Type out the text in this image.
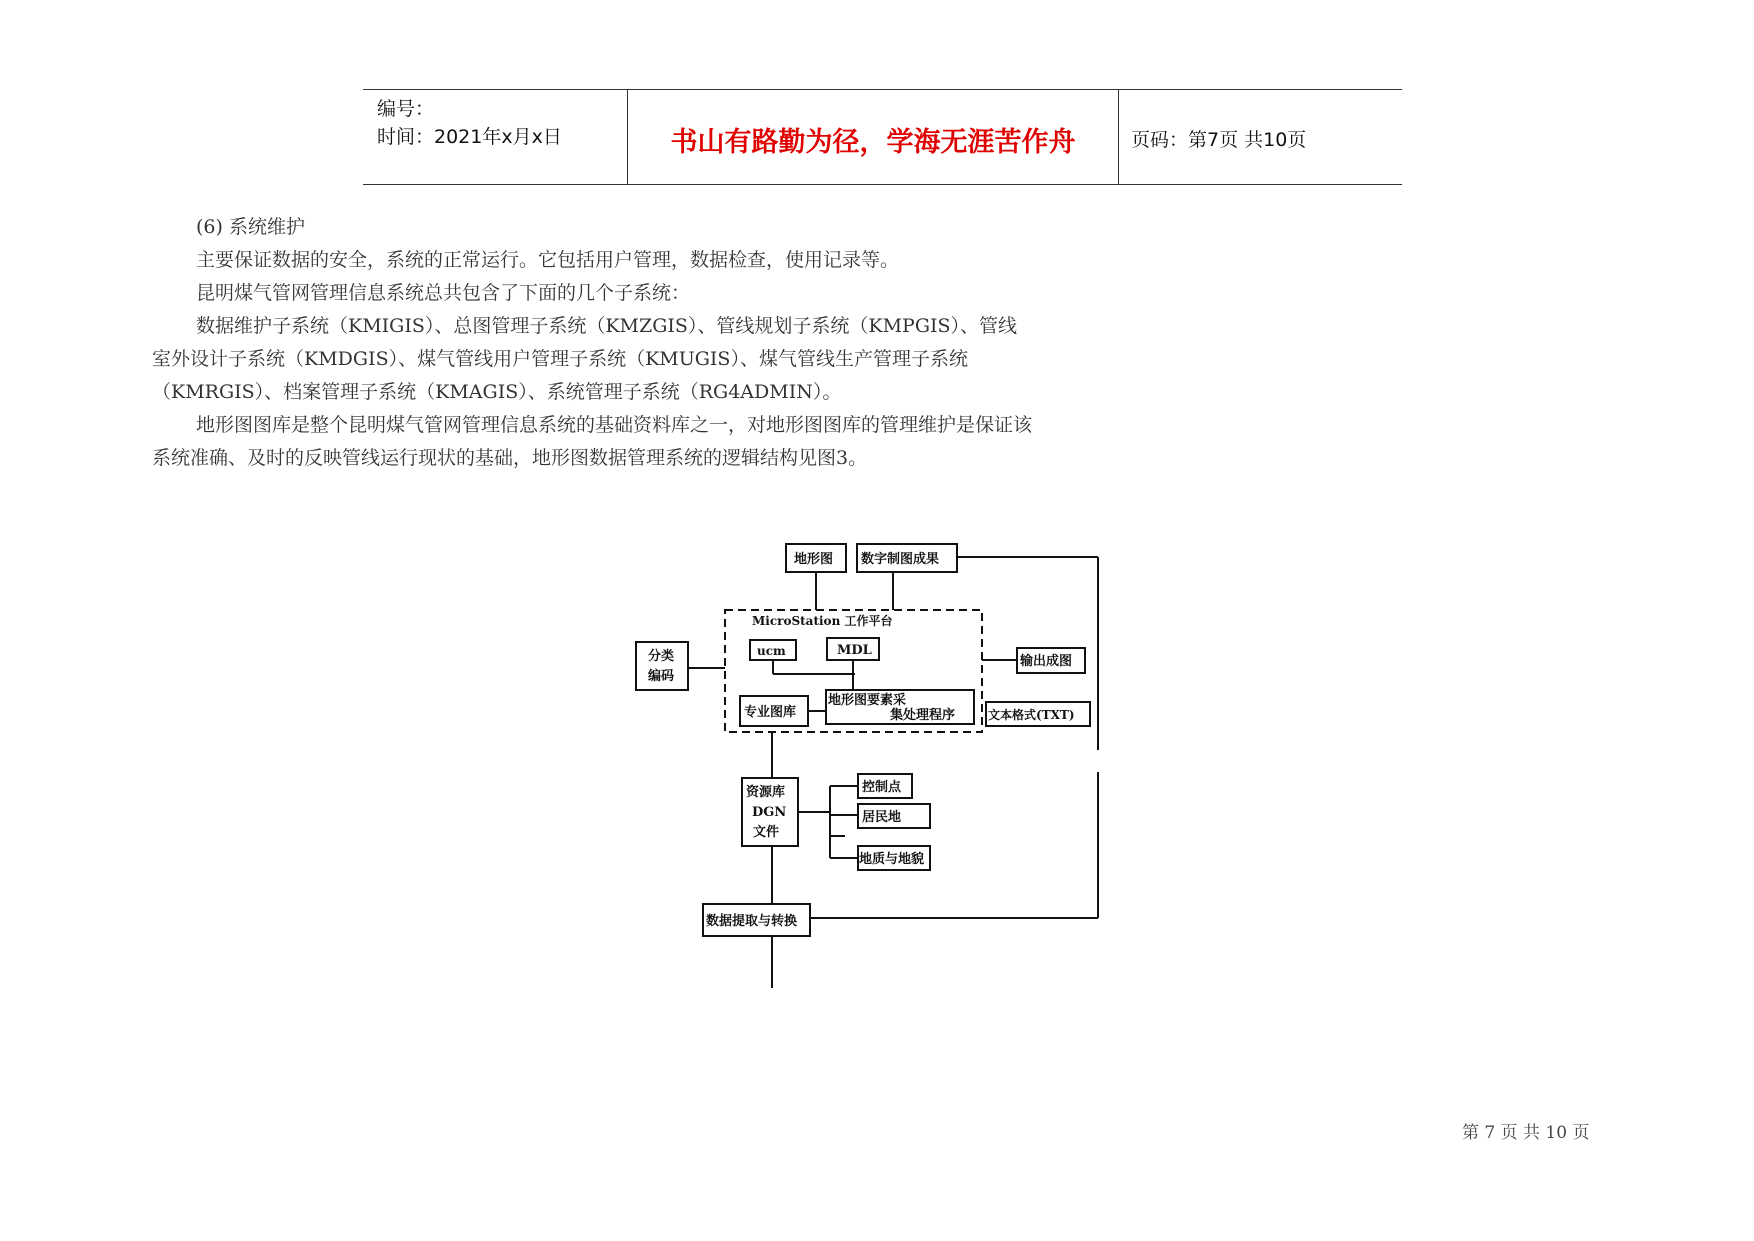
编号：
时间：2021年x月x日	书山有路勤为径，学海无涯苦作舟	页码：第7页 共10页

(6) 系统维护

主要保证数据的安全，系统的正常运行。它包括用户管理，数据检查，使用记录等。

昆明煤气管网管理信息系统总共包含了下面的几个子系统：

数据维护子系统（KMIGIS）、总图管理子系统（KMZGIS）、管线规划子系统（KMPGIS）、管线室外设计子系统（KMDGIS）、煤气管线用户管理子系统（KMUGIS）、煤气管线生产管理子系统（KMRGIS）、档案管理子系统（KMAGIS）、系统管理子系统（RG4ADMIN）。

地形图图库是整个昆明煤气管网管理信息系统的基础资料库之一，对地形图图库的管理维护是保证该系统准确、及时的反映管线运行现状的基础，地形图数据管理系统的逻辑结构见图3。

地形图 数字制图成果
MicroStation 工作平台
ucm	MDL
分类
编码
输出成图
专业图库
地形图要素采
集处理程序	文本格式(TXT)
资源库
DGN
文件
控制点
居民地
地质与地貌
数据提取与转换
第 7 页 共 10 页
